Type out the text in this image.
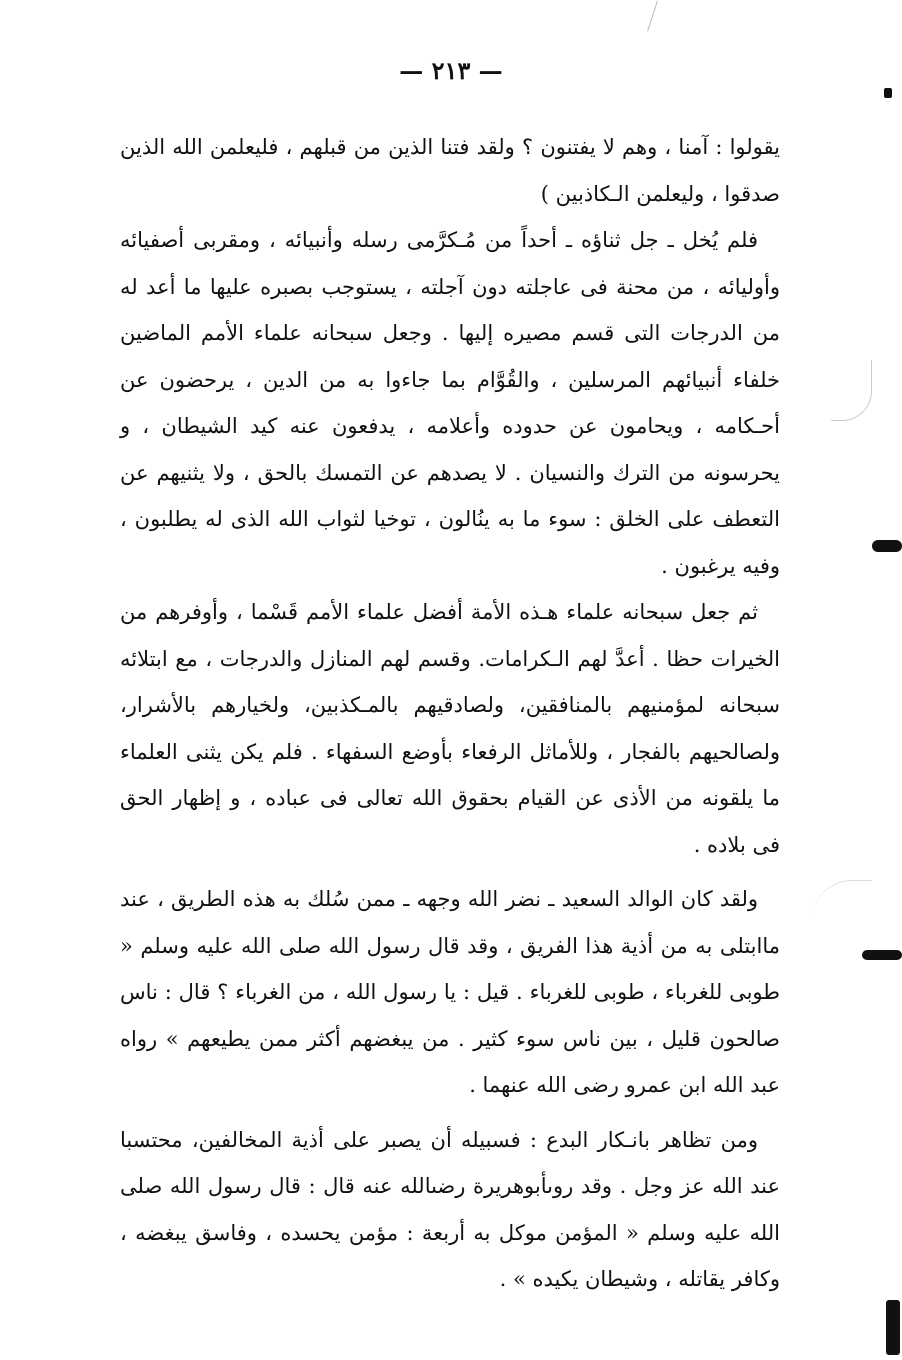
— ٢١٣ —

يقولوا : آمنا ، وهم لا يفتنون ؟ ولقد فتنا الذين من قبلهم ، فليعلمن الله الذين صدقوا ، وليعلمن الـكاذبين )

فلم يُخل ـ جل ثناؤه ـ أحداً من مُـكرَّمى رسله وأنبيائه ، ومقربى أصفيائه وأوليائه ، من محنة فى عاجلته دون آجلته ، يستوجب بصبره عليها ما أعد له من الدرجات التى قسم مصيره إليها . وجعل سبحانه علماء الأمم الماضين خلفاء أنبيائهم المرسلين ، والقُوَّام بما جاءوا به من الدين ، يرحضون عن أحـكامه ، ويحامون عن حدوده وأعلامه ، يدفعون عنه كيد الشيطان ، و يحرسونه من الترك والنسيان . لا يصدهم عن التمسك بالحق ، ولا يثنيهم عن التعطف على الخلق : سوء ما به ينُالون ، توخيا لثواب الله الذى له يطلبون ، وفيه يرغبون .

ثم جعل سبحانه علماء هـذه الأمة أفضل علماء الأمم قَسْما ، وأوفرهم من الخيرات حظا . أعدَّ لهم الـكرامات. وقسم لهم المنازل والدرجات ، مع ابتلائه سبحانه لمؤمنيهم بالمنافقين، ولصادقيهم بالمـكذبين، ولخيارهم بالأشرار، ولصالحيهم بالفجار ، وللأماثل الرفعاء بأوضع السفهاء . فلم يكن يثنى العلماء ما يلقونه من الأذى عن القيام بحقوق الله تعالى فى عباده ، و إظهار الحق فى بلاده .

ولقد كان الوالد السعيد ـ نضر الله وجهه ـ ممن سُلك به هذه الطريق ، عند ماابتلى به من أذية هذا الفريق ، وقد قال رسول الله صلى الله عليه وسلم « طوبى للغرباء ، طوبى للغرباء . قيل : يا رسول الله ، من الغرباء ؟ قال : ناس صالحون قليل ، بين ناس سوء كثير . من يبغضهم أكثر ممن يطيعهم » رواه عبد الله ابن عمرو رضى الله عنهما .

ومن تظاهر بانـكار البدع : فسبيله أن يصبر على أذية المخالفين، محتسبا عند الله عز وجل . وقد روىأبوهريرة رضىالله عنه قال : قال رسول الله صلى الله عليه وسلم « المؤمن موكل به أربعة : مؤمن يحسده ، وفاسق يبغضه ، وكافر يقاتله ، وشيطان يكيده » .
